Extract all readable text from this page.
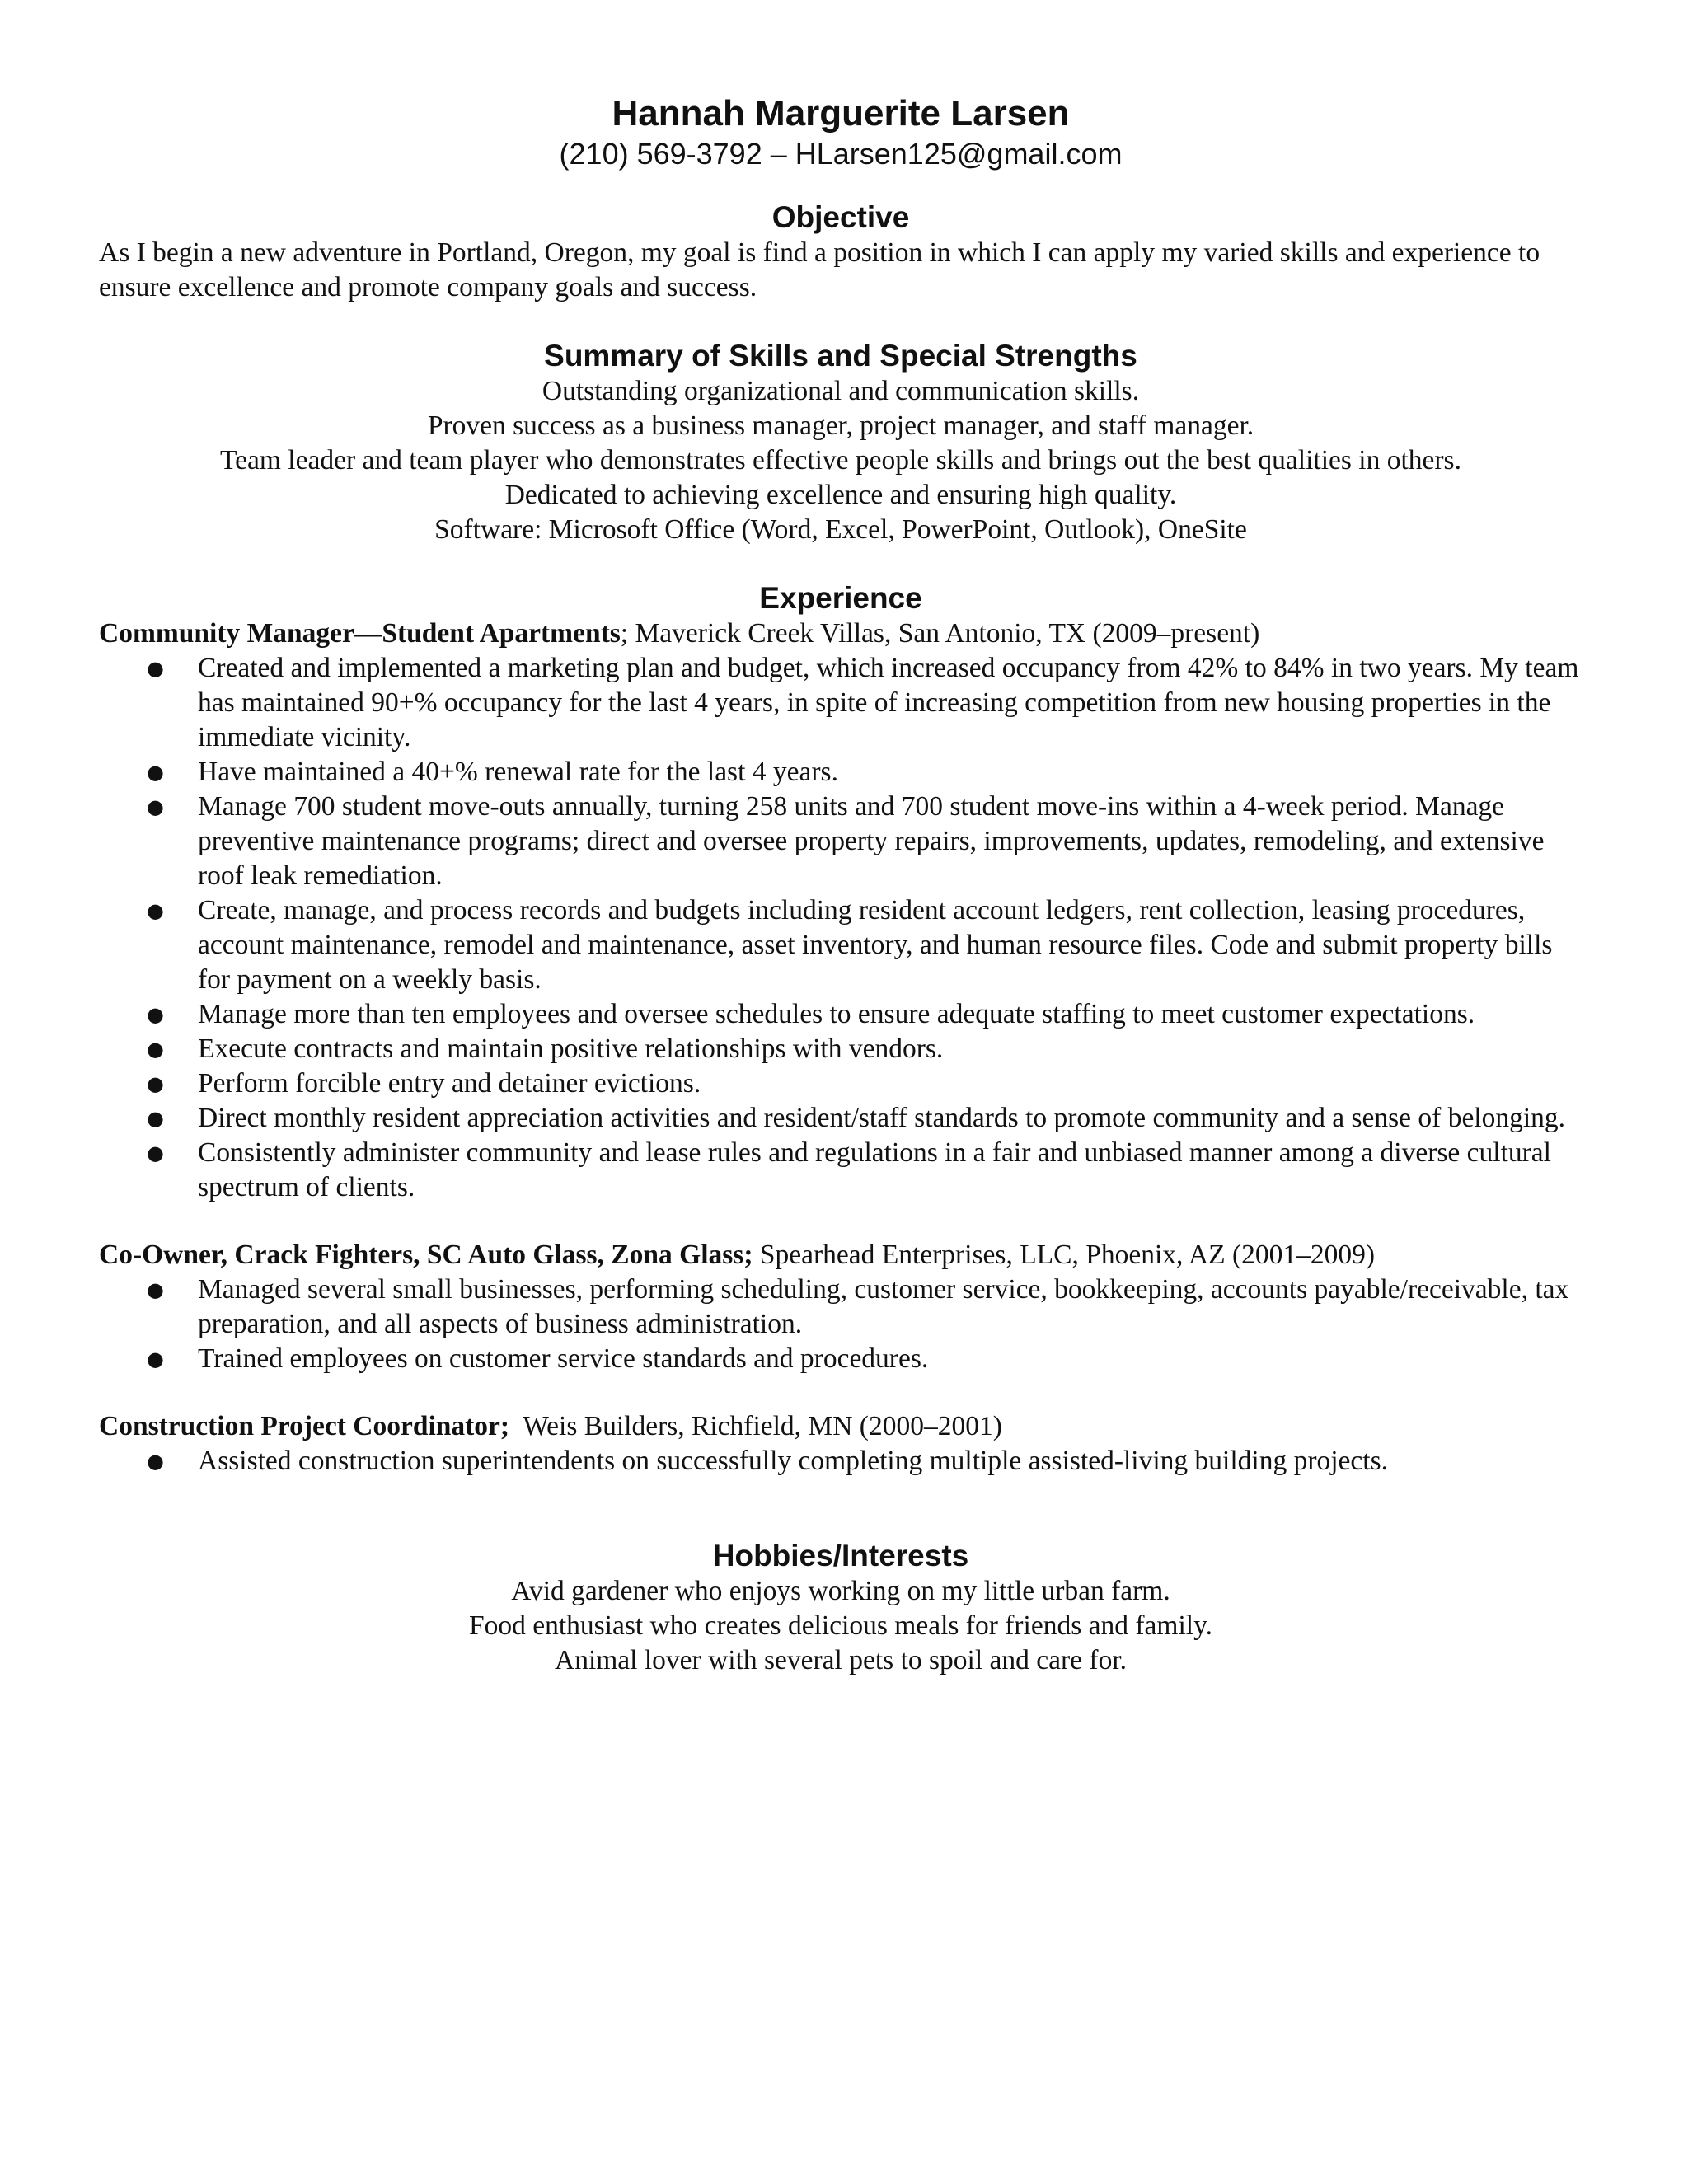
Hannah Marguerite Larsen

(210) 569-3792 – HLarsen125@gmail.com

Objective

As I begin a new adventure in Portland, Oregon, my goal is find a position in which I can apply my varied skills and experience to ensure excellence and promote company goals and success.

Summary of Skills and Special Strengths
Outstanding organizational and communication skills.
Proven success as a business manager, project manager, and staff manager.
Team leader and team player who demonstrates effective people skills and brings out the best qualities in others.
Dedicated to achieving excellence and ensuring high quality.
Software: Microsoft Office (Word, Excel, PowerPoint, Outlook), OneSite
Experience

Community Manager—Student Apartments; Maverick Creek Villas, San Antonio, TX (2009–present)

● Created and implemented a marketing plan and budget, which increased occupancy from 42% to 84% in two years. My team has maintained 90+% occupancy for the last 4 years, in spite of increasing competition from new housing properties in the immediate vicinity.
● Have maintained a 40+% renewal rate for the last 4 years.
● Manage 700 student move-outs annually, turning 258 units and 700 student move-ins within a 4-week period. Manage preventive maintenance programs; direct and oversee property repairs, improvements, updates, remodeling, and extensive roof leak remediation.
● Create, manage, and process records and budgets including resident account ledgers, rent collection, leasing procedures, account maintenance, remodel and maintenance, asset inventory, and human resource files. Code and submit property bills for payment on a weekly basis.
● Manage more than ten employees and oversee schedules to ensure adequate staffing to meet customer expectations.
● Execute contracts and maintain positive relationships with vendors.
● Perform forcible entry and detainer evictions.
● Direct monthly resident appreciation activities and resident/staff standards to promote community and a sense of belonging.
● Consistently administer community and lease rules and regulations in a fair and unbiased manner among a diverse cultural spectrum of clients.

Co-Owner, Crack Fighters, SC Auto Glass, Zona Glass; Spearhead Enterprises, LLC, Phoenix, AZ (2001–2009)

● Managed several small businesses, performing scheduling, customer service, bookkeeping, accounts payable/receivable, tax preparation, and all aspects of business administration.
● Trained employees on customer service standards and procedures.

Construction Project Coordinator;  Weis Builders, Richfield, MN (2000–2001)

● Assisted construction superintendents on successfully completing multiple assisted-living building projects.
Hobbies/Interests
Avid gardener who enjoys working on my little urban farm.
Food enthusiast who creates delicious meals for friends and family.
Animal lover with several pets to spoil and care for.
